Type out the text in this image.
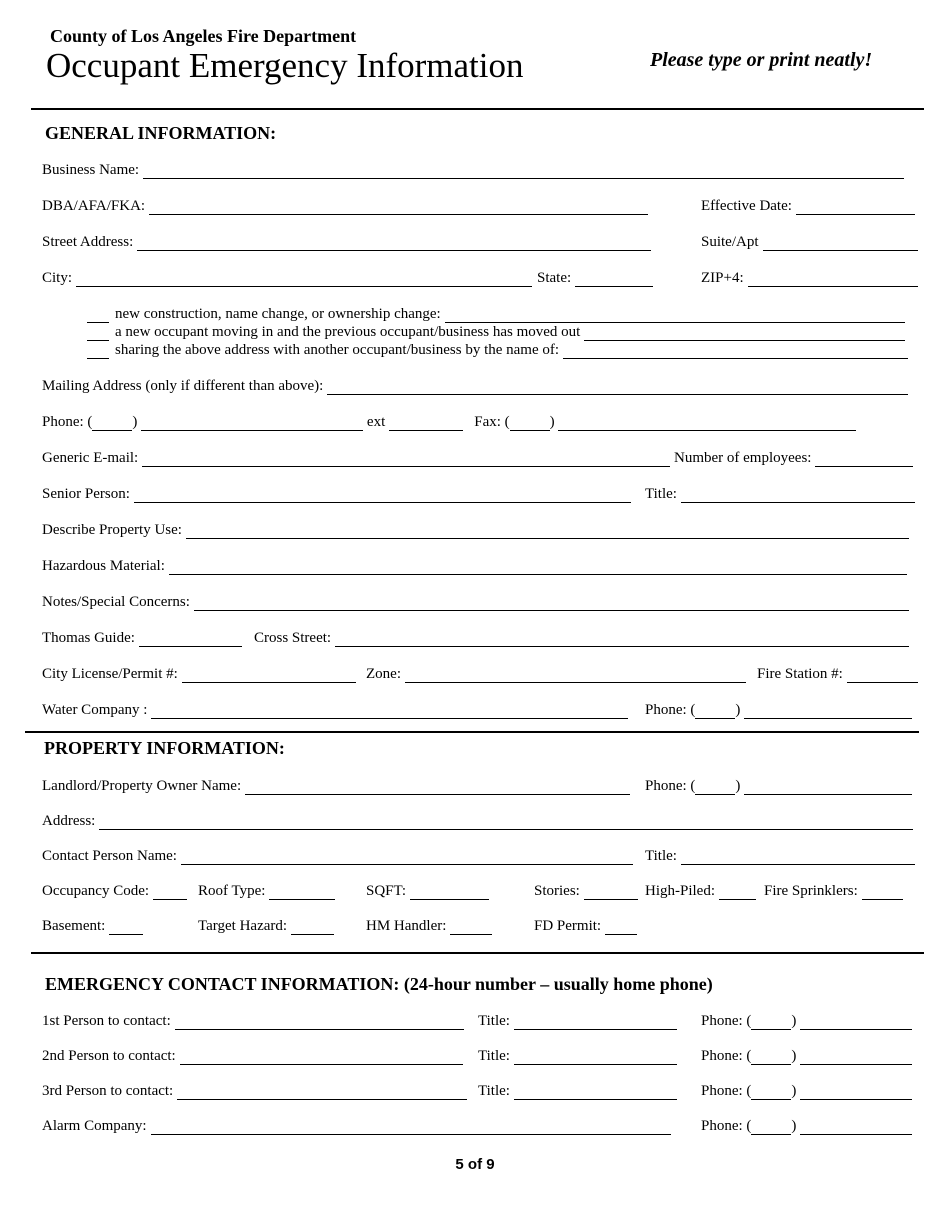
County of Los Angeles Fire Department
Occupant Emergency Information	Please type or print neatly!
GENERAL INFORMATION:
Business Name:
DBA/AFA/FKA:	Effective Date:
Street Address:	Suite/Apt
City:	State:	ZIP+4:
new construction, name change, or ownership change:
a new occupant moving in and the previous occupant/business has moved out
sharing the above address with another occupant/business by the name of:
Mailing Address (only if different than above):
Phone: (	)	ext	Fax: (	)
Generic E-mail:	Number of employees:
Senior Person:	Title:
Describe Property Use:
Hazardous Material:
Notes/Special Concerns:
Thomas Guide:	Cross Street:
City License/Permit #:	Zone:	Fire Station #:
Water Company :	Phone: (	)
PROPERTY INFORMATION:
Landlord/Property Owner Name:	Phone: (	)
Address:
Contact Person Name:	Title:
Occupancy Code:	Roof Type:	SQFT:	Stories:	High-Piled:	Fire Sprinklers:
Basement:	Target Hazard:	HM Handler:	FD Permit:
EMERGENCY CONTACT INFORMATION: (24-hour number – usually home phone)
1st Person to contact:	Title:	Phone: (	)
2nd Person to contact:	Title:	Phone: (	)
3rd Person to contact:	Title:	Phone: (	)
Alarm Company:	Phone: (	)
5 of 9
